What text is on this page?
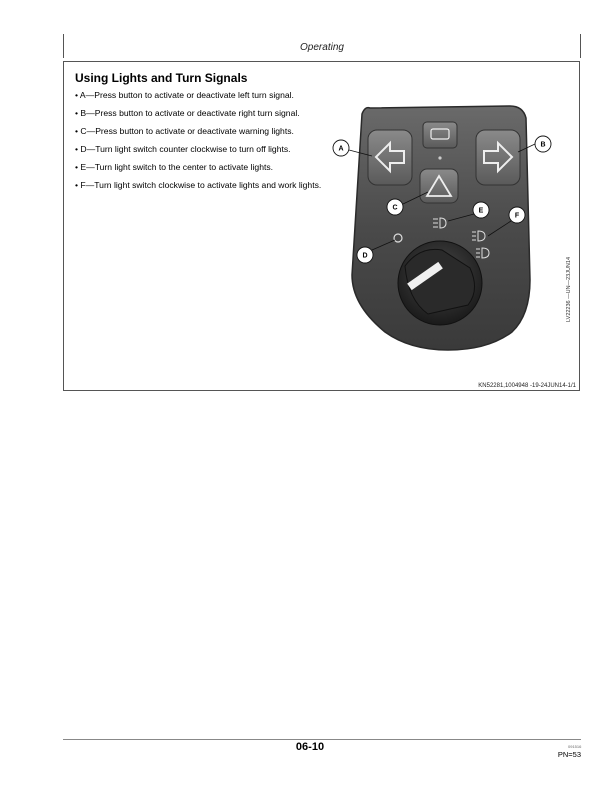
Operating
Using Lights and Turn Signals
• A—Press button to activate or deactivate left turn signal.
• B—Press button to activate or deactivate right turn signal.
• C—Press button to activate or deactivate warning lights.
• D—Turn light switch counter clockwise to turn off lights.
• E—Turn light switch to the center to activate lights.
• F—Turn light switch clockwise to activate lights and work lights.
A
B
C
D
E
F
LV22236 —UN—23JUN14
KN52281,1004948 -19-24JUN14-1/1
06-10	091516
PN=53
